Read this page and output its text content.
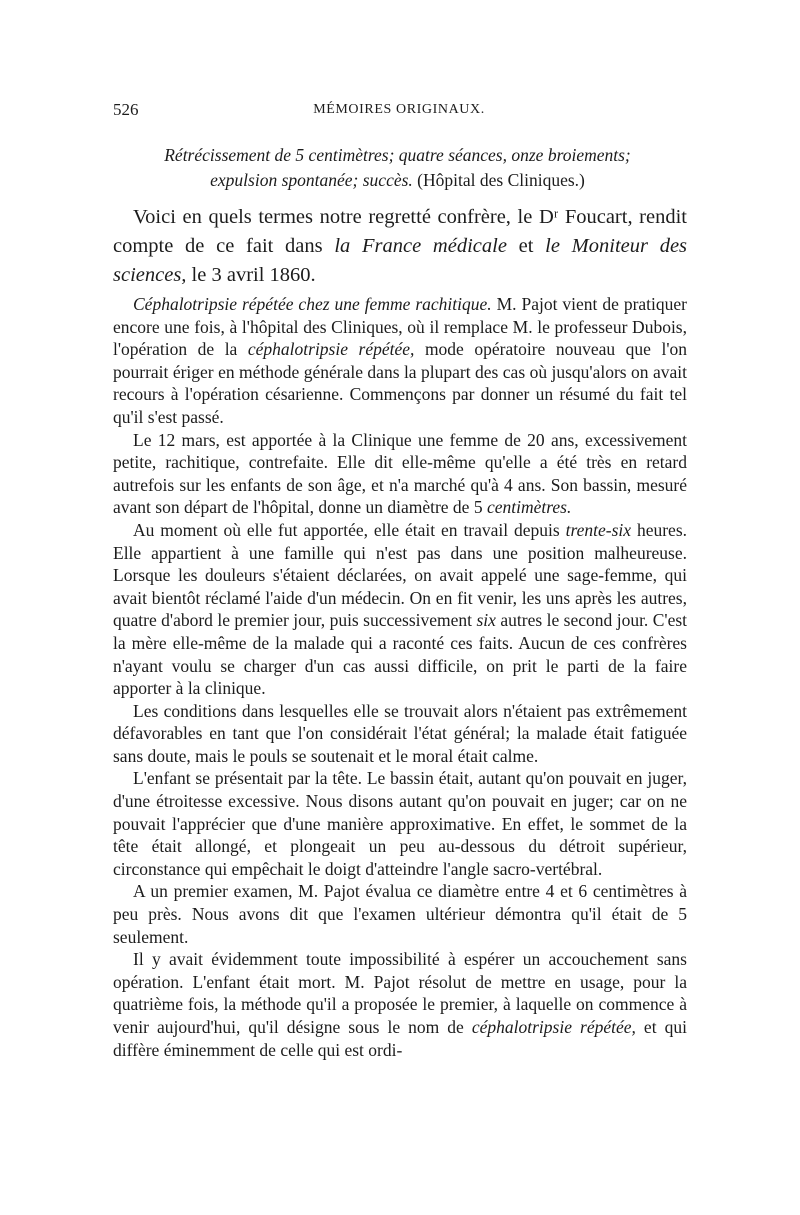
526	MÉMOIRES ORIGINAUX.
Rétrécissement de 5 centimètres; quatre séances, onze broiements;
expulsion spontanée; succès. (Hôpital des Cliniques.)

Voici en quels termes notre regretté confrère, le Dʳ Foucart, rendit compte de ce fait dans la France médicale et le Moniteur des sciences, le 3 avril 1860.

Céphalotripsie répétée chez une femme rachitique. M. Pajot vient de pratiquer encore une fois, à l'hôpital des Cliniques, où il remplace M. le professeur Dubois, l'opération de la céphalotripsie répétée, mode opératoire nouveau que l'on pourrait ériger en méthode générale dans la plupart des cas où jusqu'alors on avait recours à l'opération césarienne. Commençons par donner un résumé du fait tel qu'il s'est passé.

Le 12 mars, est apportée à la Clinique une femme de 20 ans, excessivement petite, rachitique, contrefaite. Elle dit elle-même qu'elle a été très en retard autrefois sur les enfants de son âge, et n'a marché qu'à 4 ans. Son bassin, mesuré avant son départ de l'hôpital, donne un diamètre de 5 centimètres.

Au moment où elle fut apportée, elle était en travail depuis trente-six heures. Elle appartient à une famille qui n'est pas dans une position malheureuse. Lorsque les douleurs s'étaient déclarées, on avait appelé une sage-femme, qui avait bientôt réclamé l'aide d'un médecin. On en fit venir, les uns après les autres, quatre d'abord le premier jour, puis successivement six autres le second jour. C'est la mère elle-même de la malade qui a raconté ces faits. Aucun de ces confrères n'ayant voulu se charger d'un cas aussi difficile, on prit le parti de la faire apporter à la clinique.

Les conditions dans lesquelles elle se trouvait alors n'étaient pas extrêmement défavorables en tant que l'on considérait l'état général; la malade était fatiguée sans doute, mais le pouls se soutenait et le moral était calme.

L'enfant se présentait par la tête. Le bassin était, autant qu'on pouvait en juger, d'une étroitesse excessive. Nous disons autant qu'on pouvait en juger; car on ne pouvait l'apprécier que d'une manière approximative. En effet, le sommet de la tête était allongé, et plongeait un peu au-dessous du détroit supérieur, circonstance qui empêchait le doigt d'atteindre l'angle sacro-vertébral.

A un premier examen, M. Pajot évalua ce diamètre entre 4 et 6 centimètres à peu près. Nous avons dit que l'examen ultérieur démontra qu'il était de 5 seulement.

Il y avait évidemment toute impossibilité à espérer un accouchement sans opération. L'enfant était mort. M. Pajot résolut de mettre en usage, pour la quatrième fois, la méthode qu'il a proposée le premier, à laquelle on commence à venir aujourd'hui, qu'il désigne sous le nom de céphalotripsie répétée, et qui diffère éminemment de celle qui est ordi-
